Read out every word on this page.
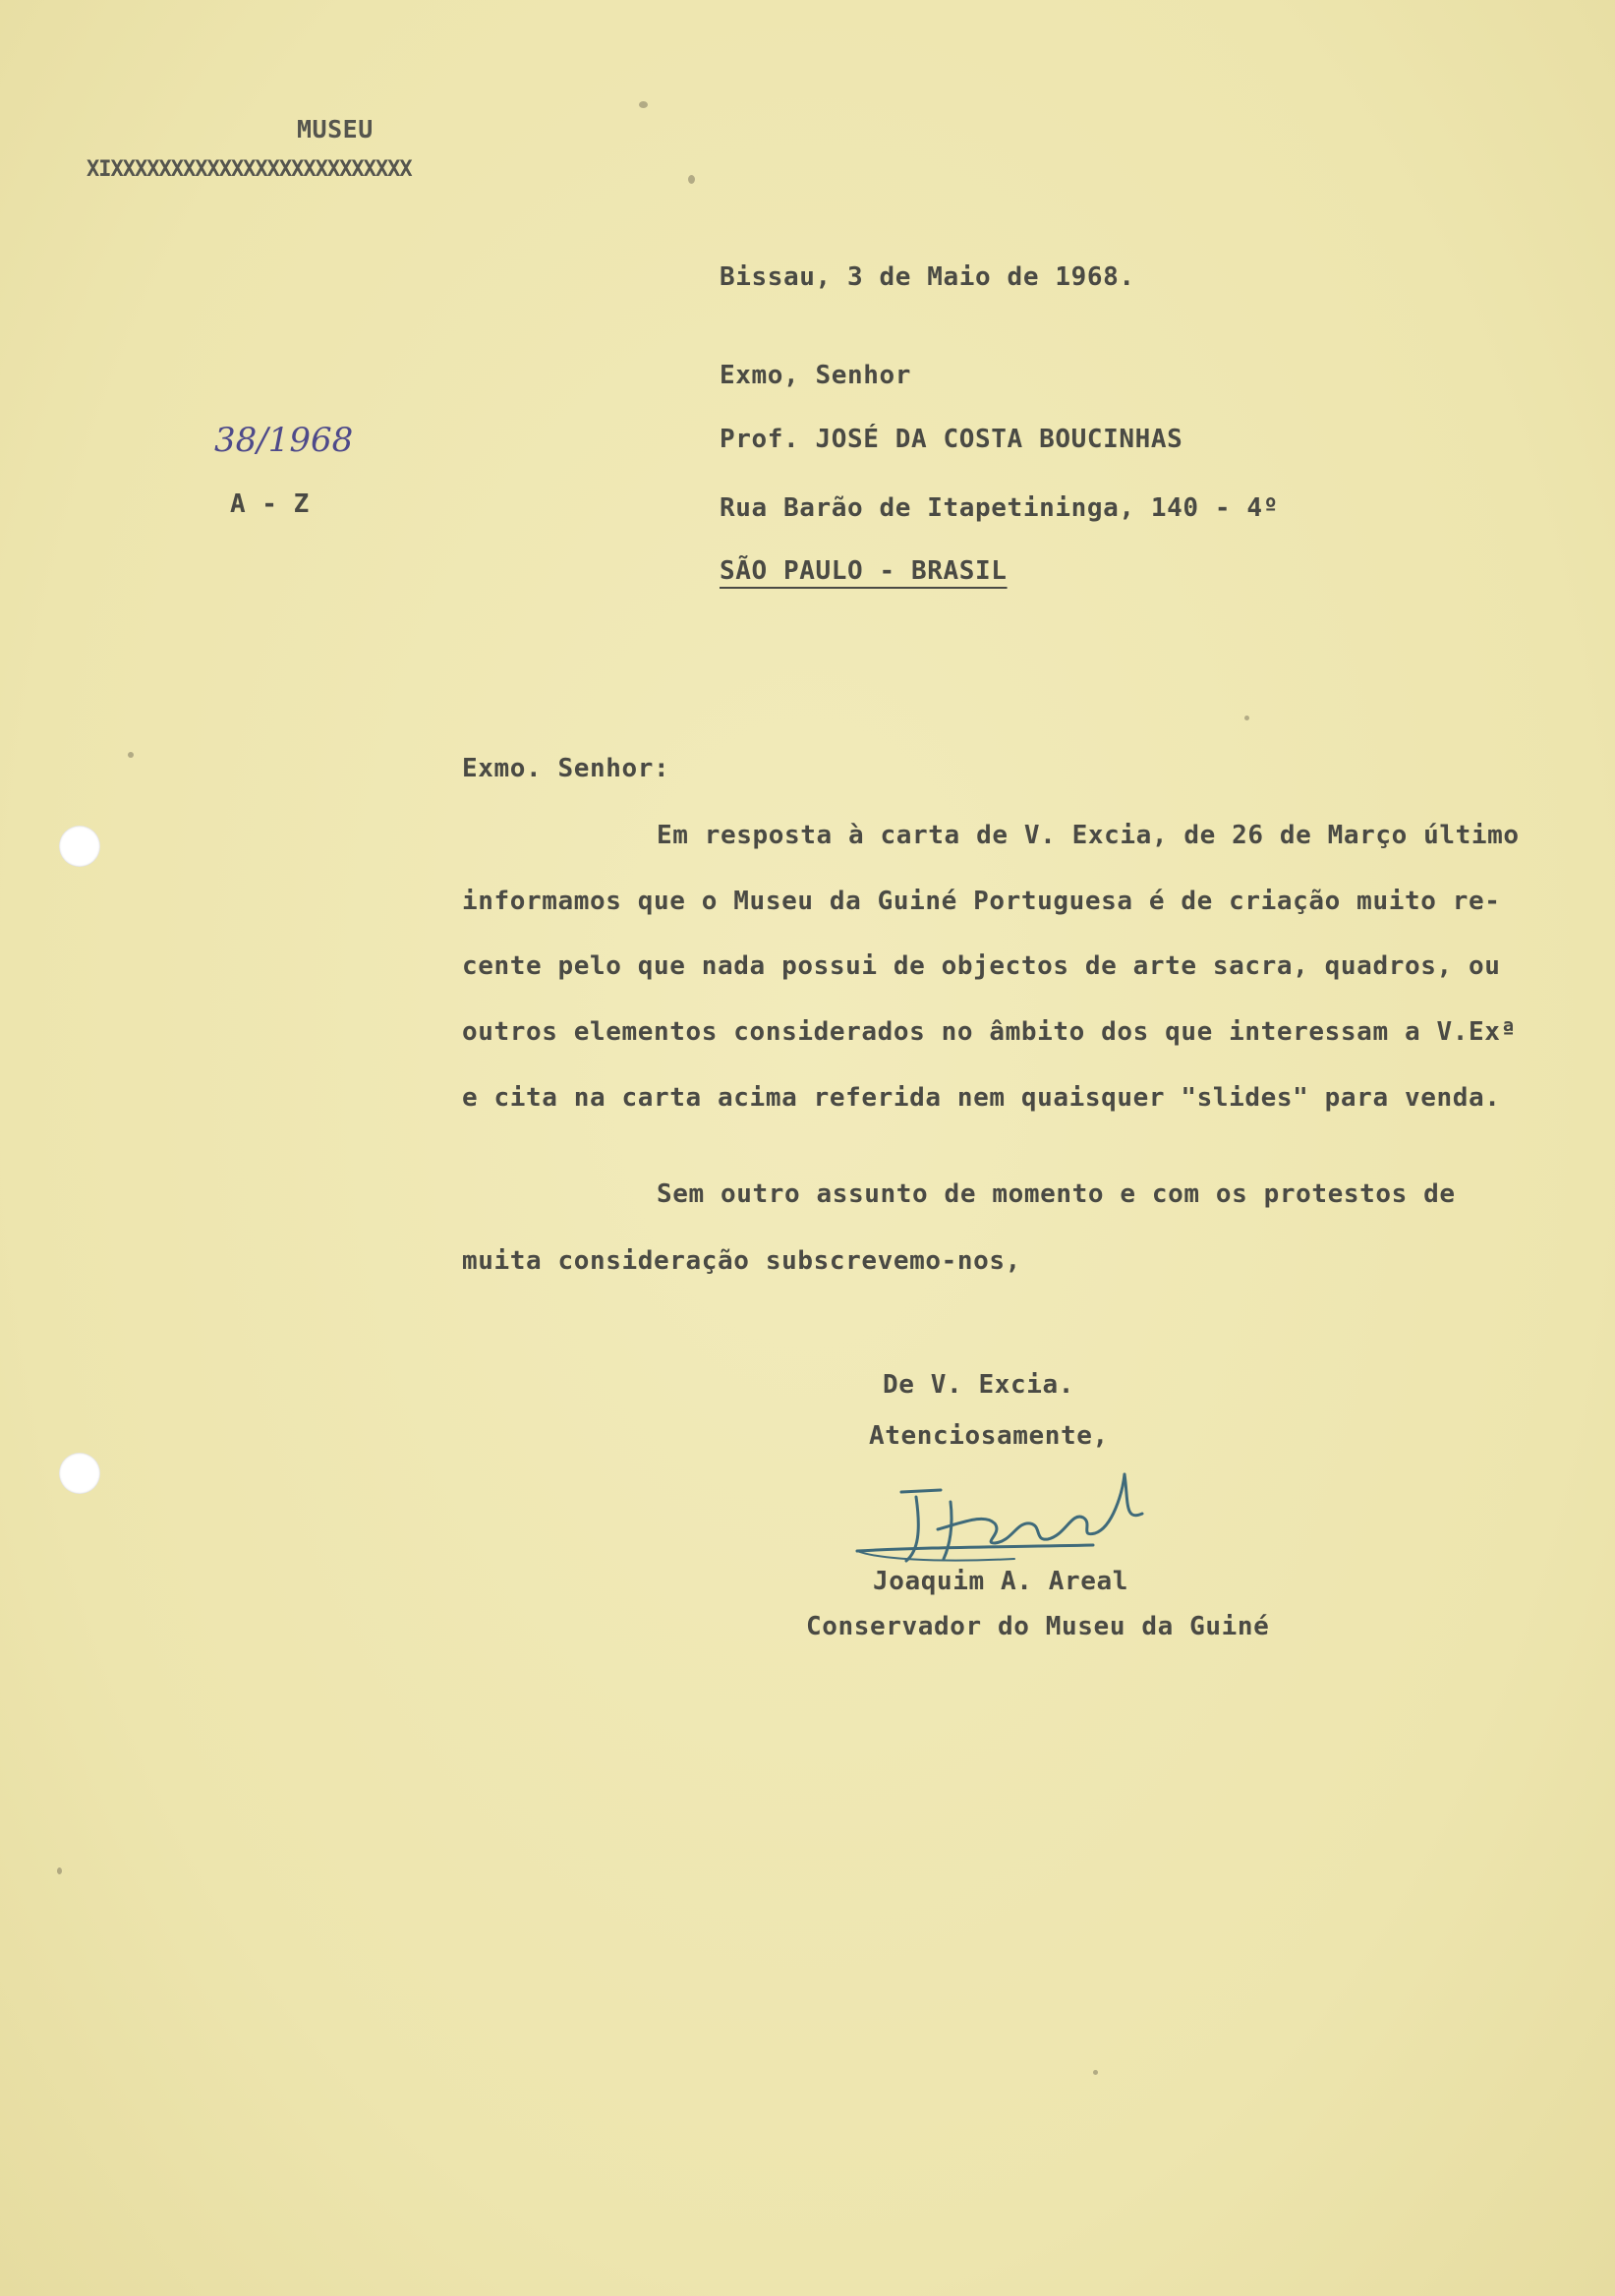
MUSEU

XIXXXXXXXXXXXXXXXXXXXXXXXXX

38/1968

A - Z

Bissau, 3 de Maio de 1968.

Exmo, Senhor

Prof. JOSÉ DA COSTA BOUCINHAS

Rua Barão de Itapetininga, 140 - 4º

SÃO PAULO - BRASIL

Exmo. Senhor:

Em resposta à carta de V. Excia, de 26 de Março último

informamos que o Museu da Guiné Portuguesa é de criação muito re-

cente pelo que nada possui de objectos de arte sacra, quadros, ou

outros elementos considerados no âmbito dos que interessam a V.Exª

e cita na carta acima referida nem quaisquer "slides" para venda.

Sem outro assunto de momento e com os protestos de

muita consideração subscrevemo-nos,

De V. Excia.

Atenciosamente,

Joaquim A. Areal

Conservador do Museu da Guiné
